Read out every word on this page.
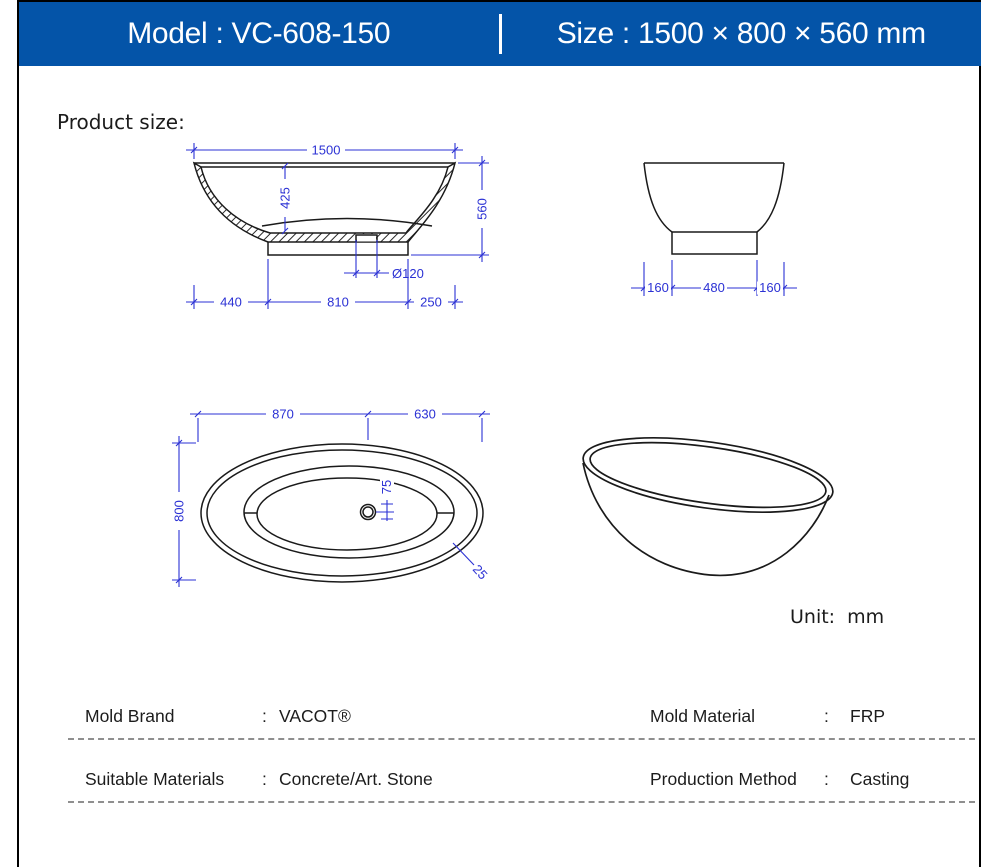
Model : VC-608-150	Size : 1500 × 800 × 560 mm
Product size:
1500
425
560
Ø120
440	810	250
160	480	160
870	630
800
75
25
Unit: mm
Mold Brand	: VACOT®	Mold Material	: FRP
Suitable Materials : Concrete/Art. Stone	Production Method : Casting
